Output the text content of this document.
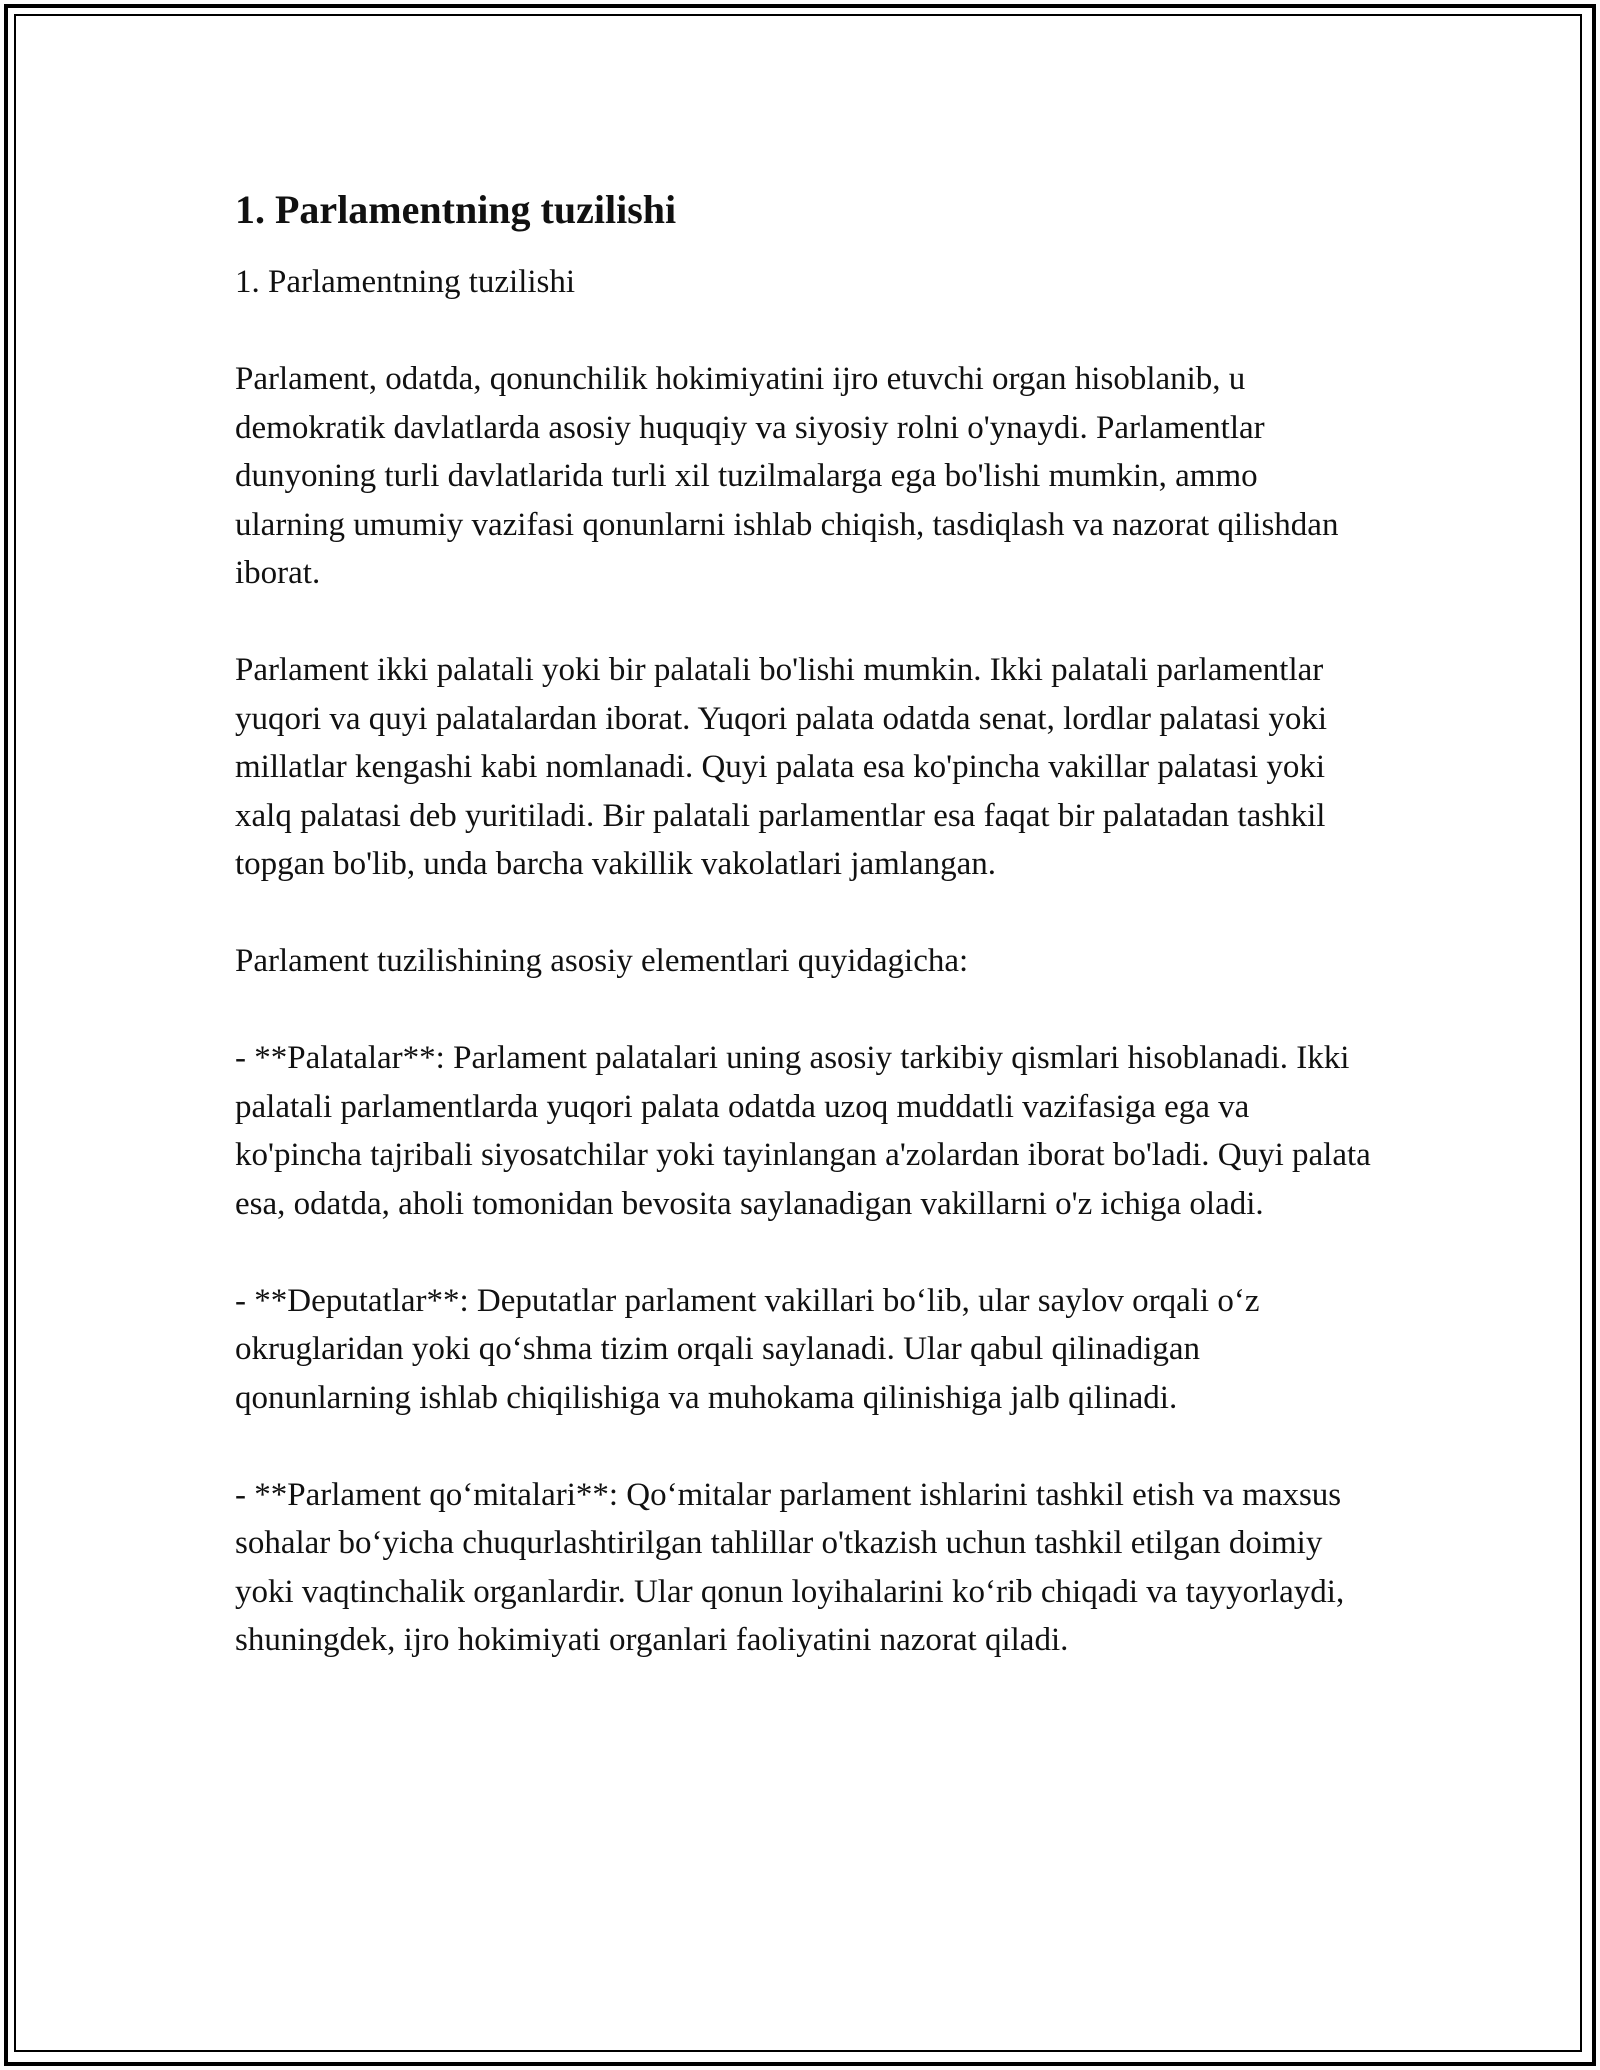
1. Parlamentning tuzilishi

1. Parlamentning tuzilishi

Parlament, odatda, qonunchilik hokimiyatini ijro etuvchi organ hisoblanib, u demokratik davlatlarda asosiy huquqiy va siyosiy rolni o'ynaydi. Parlamentlar dunyoning turli davlatlarida turli xil tuzilmalarga ega bo'lishi mumkin, ammo ularning umumiy vazifasi qonunlarni ishlab chiqish, tasdiqlash va nazorat qilishdan iborat.

Parlament ikki palatali yoki bir palatali bo'lishi mumkin. Ikki palatali parlamentlar yuqori va quyi palatalardan iborat. Yuqori palata odatda senat, lordlar palatasi yoki millatlar kengashi kabi nomlanadi. Quyi palata esa ko'pincha vakillar palatasi yoki xalq palatasi deb yuritiladi. Bir palatali parlamentlar esa faqat bir palatadan tashkil topgan bo'lib, unda barcha vakillik vakolatlari jamlangan.

Parlament tuzilishining asosiy elementlari quyidagicha:

- **Palatalar**: Parlament palatalari uning asosiy tarkibiy qismlari hisoblanadi. Ikki palatali parlamentlarda yuqori palata odatda uzoq muddatli vazifasiga ega va ko'pincha tajribali siyosatchilar yoki tayinlangan a'zolardan iborat bo'ladi. Quyi palata esa, odatda, aholi tomonidan bevosita saylanadigan vakillarni o'z ichiga oladi.

- **Deputatlar**: Deputatlar parlament vakillari bo‘lib, ular saylov orqali o‘z okruglaridan yoki qo‘shma tizim orqali saylanadi. Ular qabul qilinadigan qonunlarning ishlab chiqilishiga va muhokama qilinishiga jalb qilinadi.

- **Parlament qo‘mitalari**: Qo‘mitalar parlament ishlarini tashkil etish va maxsus sohalar bo‘yicha chuqurlashtirilgan tahlillar o'tkazish uchun tashkil etilgan doimiy yoki vaqtinchalik organlardir. Ular qonun loyihalarini ko‘rib chiqadi va tayyorlaydi, shuningdek, ijro hokimiyati organlari faoliyatini nazorat qiladi.
